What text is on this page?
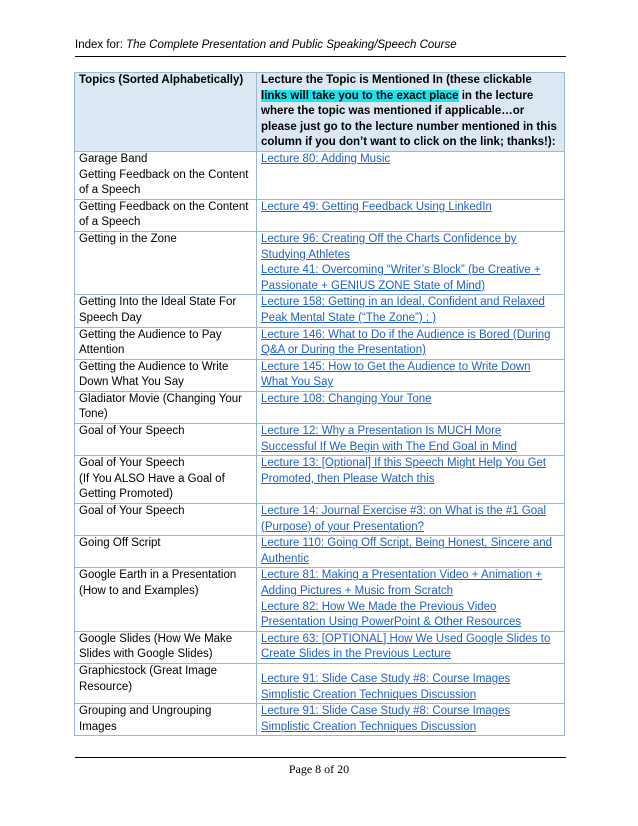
Index for: The Complete Presentation and Public Speaking/Speech Course
Topics (Sorted Alphabetically)	Lecture the Topic is Mentioned In (these clickable links will take you to the exact place in the lecture where the topic was mentioned if applicable…or please just go to the lecture number mentioned in this column if you don’t want to click on the link; thanks!):

Garage Band
Getting Feedback on the Content of a Speech	Lecture 80: Adding Music

Getting Feedback on the Content of a Speech	Lecture 49: Getting Feedback Using LinkedIn

Getting in the Zone	Lecture 96: Creating Off the Charts Confidence by Studying Athletes
Lecture 41: Overcoming “Writer’s Block” (be Creative + Passionate + GENIUS ZONE State of Mind)

Getting Into the Ideal State For Speech Day	Lecture 158: Getting in an Ideal, Confident and Relaxed Peak Mental State (“The Zone”) : )

Getting the Audience to Pay Attention	Lecture 146: What to Do if the Audience is Bored (During Q&A or During the Presentation)

Getting the Audience to Write Down What You Say	Lecture 145: How to Get the Audience to Write Down What You Say

Gladiator Movie (Changing Your Tone)	Lecture 108: Changing Your Tone

Goal of Your Speech	Lecture 12: Why a Presentation Is MUCH More Successful If We Begin with The End Goal in Mind

Goal of Your Speech
(If You ALSO Have a Goal of Getting Promoted)	Lecture 13: [Optional] If this Speech Might Help You Get Promoted, then Please Watch this

Goal of Your Speech	Lecture 14: Journal Exercise #3: on What is the #1 Goal (Purpose) of your Presentation?

Going Off Script	Lecture 110: Going Off Script, Being Honest, Sincere and Authentic

Google Earth in a Presentation (How to and Examples)	Lecture 81: Making a Presentation Video + Animation + Adding Pictures + Music from Scratch
Lecture 82: How We Made the Previous Video Presentation Using PowerPoint & Other Resources

Google Slides (How We Make Slides with Google Slides)	Lecture 63: [OPTIONAL] How We Used Google Slides to Create Slides in the Previous Lecture

Graphicstock (Great Image Resource)	Lecture 91: Slide Case Study #8: Course Images Simplistic Creation Techniques Discussion

Grouping and Ungrouping Images	Lecture 91: Slide Case Study #8: Course Images Simplistic Creation Techniques Discussion
Page 8 of 20
